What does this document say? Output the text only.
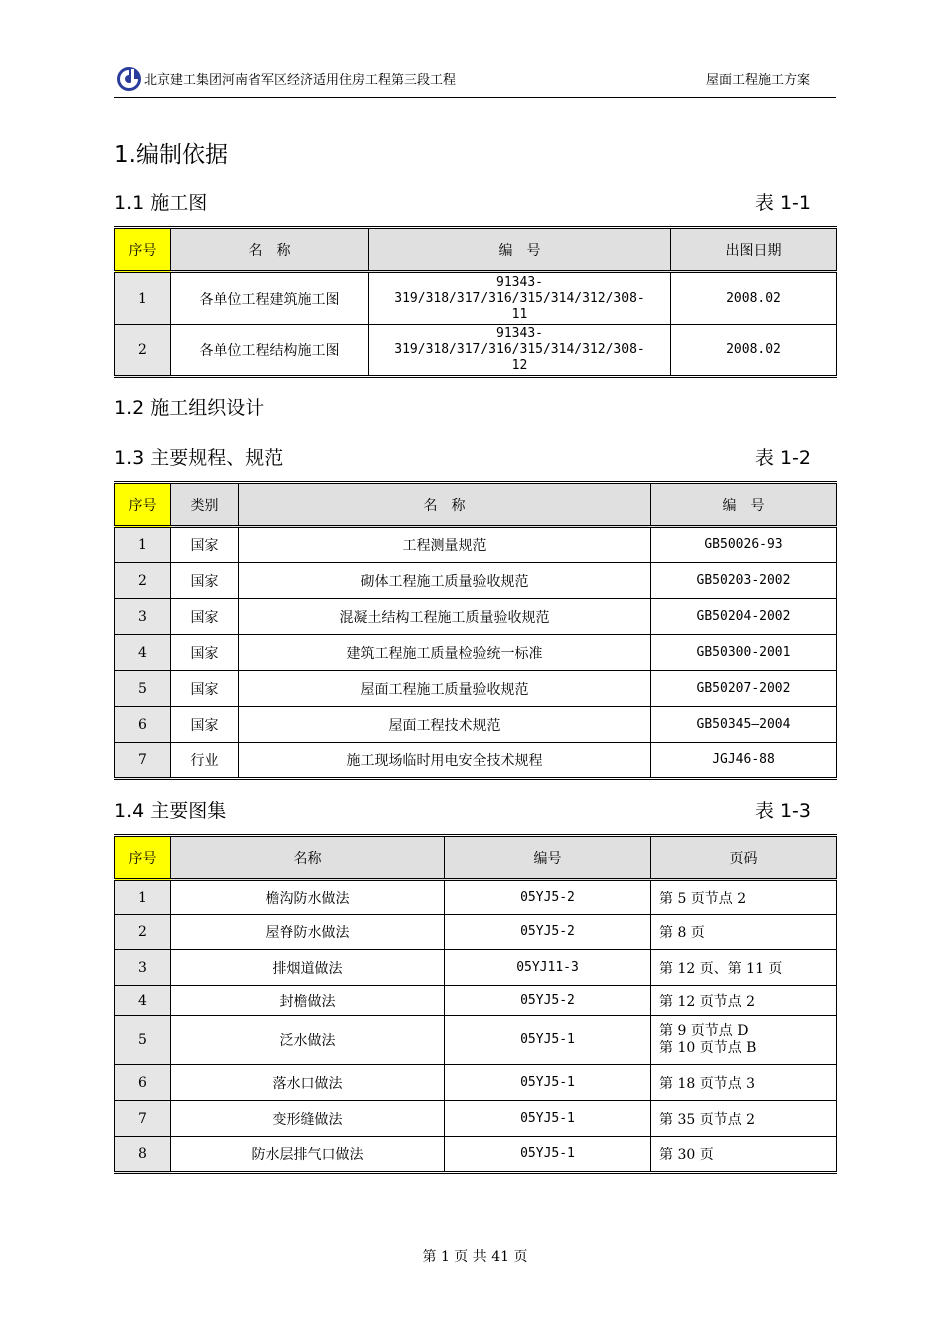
北京建工集团河南省军区经济适用住房工程第三段工程	屋面工程施工方案
1.编制依据
1.1 施工图	表 1-1
序号	名　称	编　号	出图日期
1	各单位工程建筑施工图	91343-
319/318/317/316/315/314/312/308-
11	2008.02
2	各单位工程结构施工图	91343-
319/318/317/316/315/314/312/308-
12	2008.02
1.2 施工组织设计
1.3 主要规程、规范	表 1-2
序号	类别	名　称	编　号
1	国家	工程测量规范	GB50026-93
2	国家	砌体工程施工质量验收规范	GB50203-2002
3	国家	混凝土结构工程施工质量验收规范	GB50204-2002
4	国家	建筑工程施工质量检验统一标准	GB50300-2001
5	国家	屋面工程施工质量验收规范	GB50207-2002
6	国家	屋面工程技术规范	GB50345—2004
7	行业	施工现场临时用电安全技术规程	JGJ46-88
1.4 主要图集	表 1-3
序号	名称	编号	页码
1	檐沟防水做法	05YJ5-2	第 5 页节点 2

2	屋脊防水做法	05YJ5-2	第 8 页

3	排烟道做法	05YJ11-3	第 12 页、第 11 页

4	封檐做法	05YJ5-2	第 12 页节点 2

5	泛水做法	05YJ5-1	第 9 页节点 D
第 10 页节点 B

6	落水口做法	05YJ5-1	第 18 页节点 3

7	变形缝做法	05YJ5-1	第 35 页节点 2

8	防水层排气口做法	05YJ5-1	第 30 页
第 1 页 共 41 页
